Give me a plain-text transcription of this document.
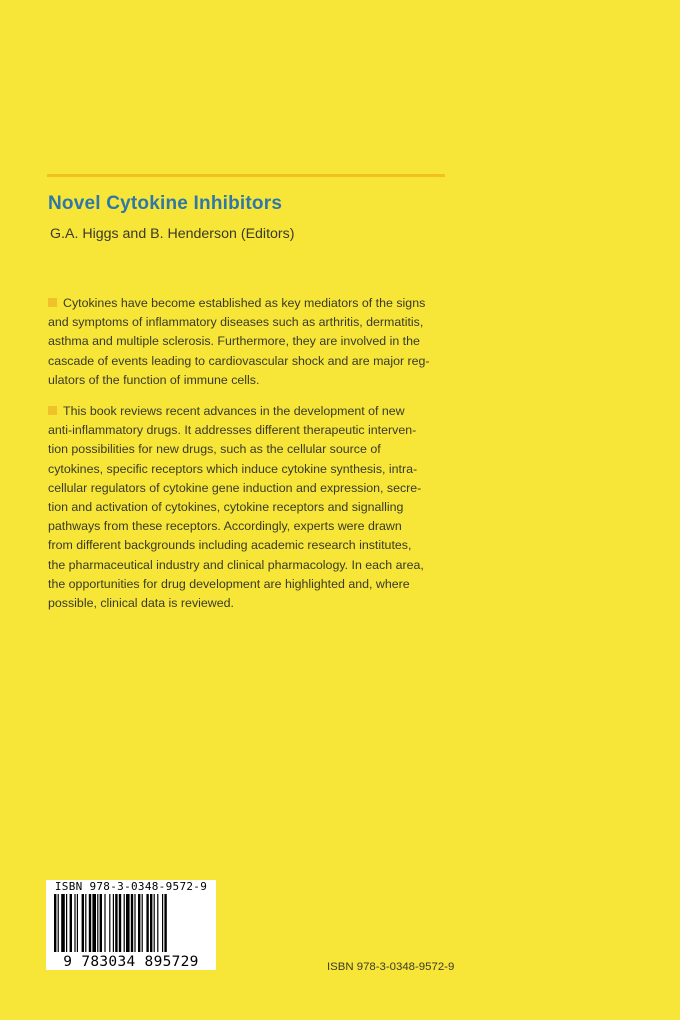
Novel Cytokine Inhibitors
G.A. Higgs and B. Henderson (Editors)
Cytokines have become established as key mediators of the signs
and symptoms of inflammatory diseases such as arthritis, dermatitis,
asthma and multiple sclerosis. Furthermore, they are involved in the
cascade of events leading to cardiovascular shock and are major reg-
ulators of the function of immune cells.
This book reviews recent advances in the development of new
anti-inflammatory drugs. It addresses different therapeutic interven-
tion possibilities for new drugs, such as the cellular source of
cytokines, specific receptors which induce cytokine synthesis, intra-
cellular regulators of cytokine gene induction and expression, secre-
tion and activation of cytokines, cytokine receptors and signalling
pathways from these receptors. Accordingly, experts were drawn
from different backgrounds including academic research institutes,
the pharmaceutical industry and clinical pharmacology. In each area,
the opportunities for drug development are highlighted and, where
possible, clinical data is reviewed.
ISBN 978-3-0348-9572-9
9 783034 895729	ISBN 978-3-0348-9572-9
